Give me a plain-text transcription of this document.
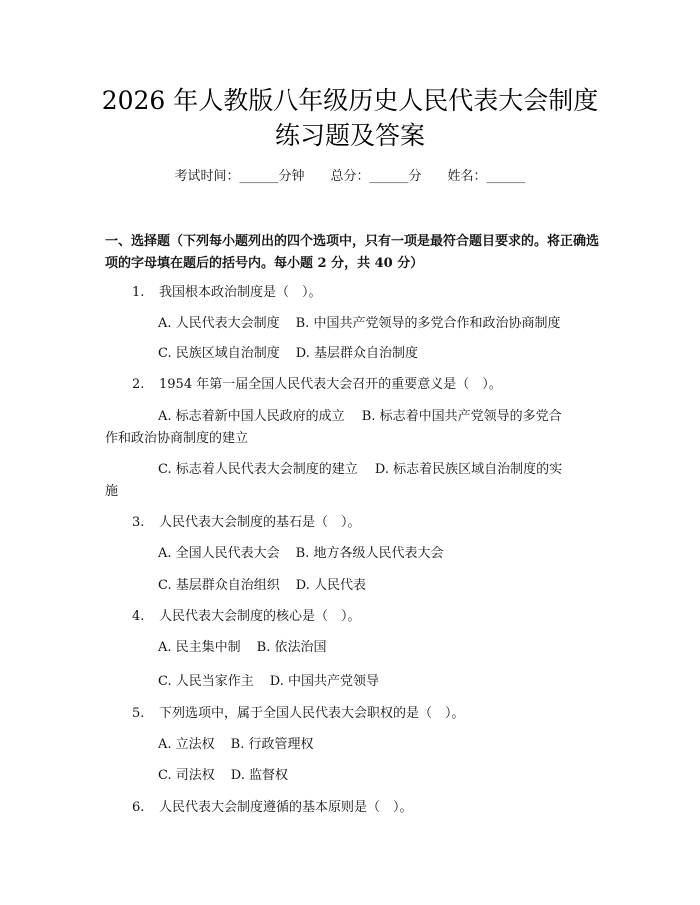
2026 年人教版八年级历史人民代表大会制度
练习题及答案
考试时间：______分钟 总分：______分 姓名：______
一、选择题（下列每小题列出的四个选项中，只有一项是最符合题目要求的。将正确选项的字母填在题后的括号内。每小题 2 分，共 40 分）
1. 我国根本政治制度是（　）。
A. 人民代表大会制度 B. 中国共产党领导的多党合作和政治协商制度
C. 民族区域自治制度 D. 基层群众自治制度
2. 1954 年第一届全国人民代表大会召开的重要意义是（　）。
A. 标志着新中国人民政府的成立　 B. 标志着中国共产党领导的多党合
作和政治协商制度的建立
C. 标志着人民代表大会制度的建立　 D. 标志着民族区域自治制度的实
施
3. 人民代表大会制度的基石是（　）。
A. 全国人民代表大会 B. 地方各级人民代表大会
C. 基层群众自治组织 D. 人民代表
4. 人民代表大会制度的核心是（　）。
A. 民主集中制 B. 依法治国
C. 人民当家作主 D. 中国共产党领导
5. 下列选项中，属于全国人民代表大会职权的是（　）。
A. 立法权 B. 行政管理权
C. 司法权 D. 监督权
6. 人民代表大会制度遵循的基本原则是（　）。
